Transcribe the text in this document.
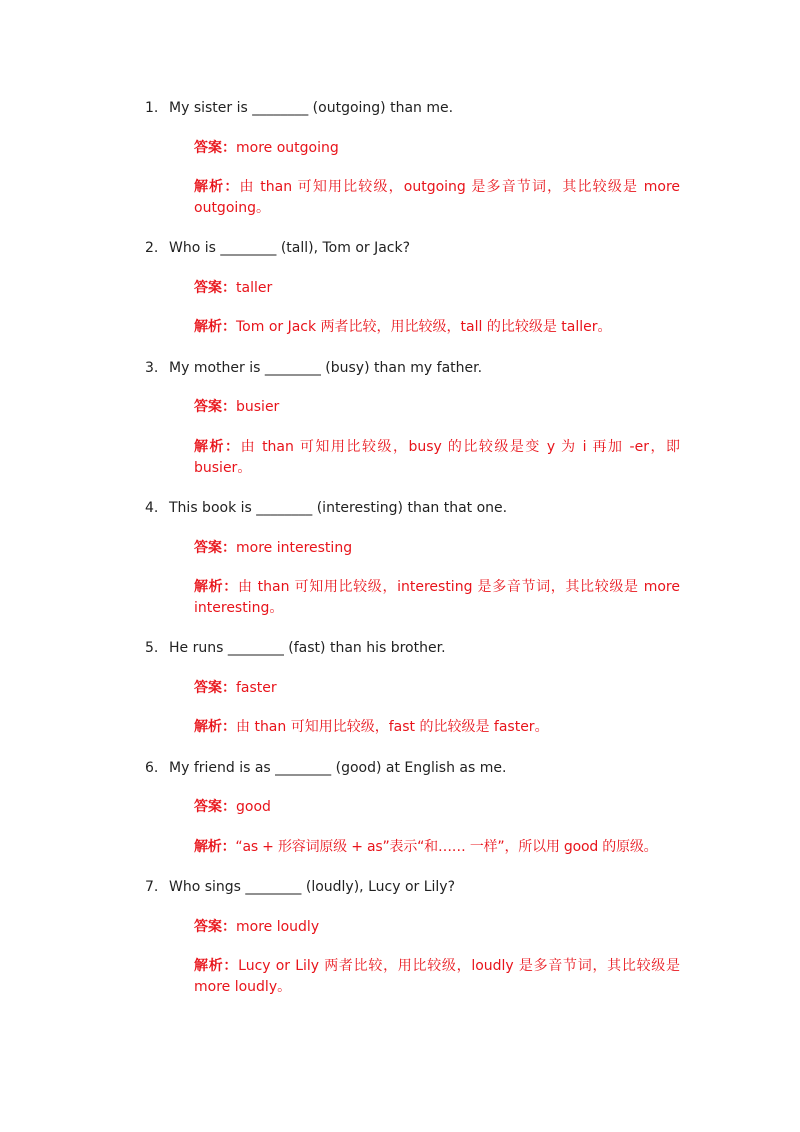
1. My sister is ________ (outgoing) than me.
答案：more outgoing
解析：由 than 可知用比较级，outgoing 是多音节词，其比较级是 more outgoing。
2. Who is ________ (tall), Tom or Jack?
答案：taller
解析：Tom or Jack 两者比较，用比较级，tall 的比较级是 taller。
3. My mother is ________ (busy) than my father.
答案：busier
解析：由 than 可知用比较级，busy 的比较级是变 y 为 i 再加 -er，即 busier。
4. This book is ________ (interesting) than that one.
答案：more interesting
解析：由 than 可知用比较级，interesting 是多音节词，其比较级是 more interesting。
5. He runs ________ (fast) than his brother.
答案：faster
解析：由 than 可知用比较级，fast 的比较级是 faster。
6. My friend is as ________ (good) at English as me.
答案：good
解析：“as + 形容词原级 + as”表示“和…… 一样”，所以用 good 的原级。
7. Who sings ________ (loudly), Lucy or Lily?
答案：more loudly
解析：Lucy or Lily 两者比较，用比较级，loudly 是多音节词，其比较级是 more loudly。
